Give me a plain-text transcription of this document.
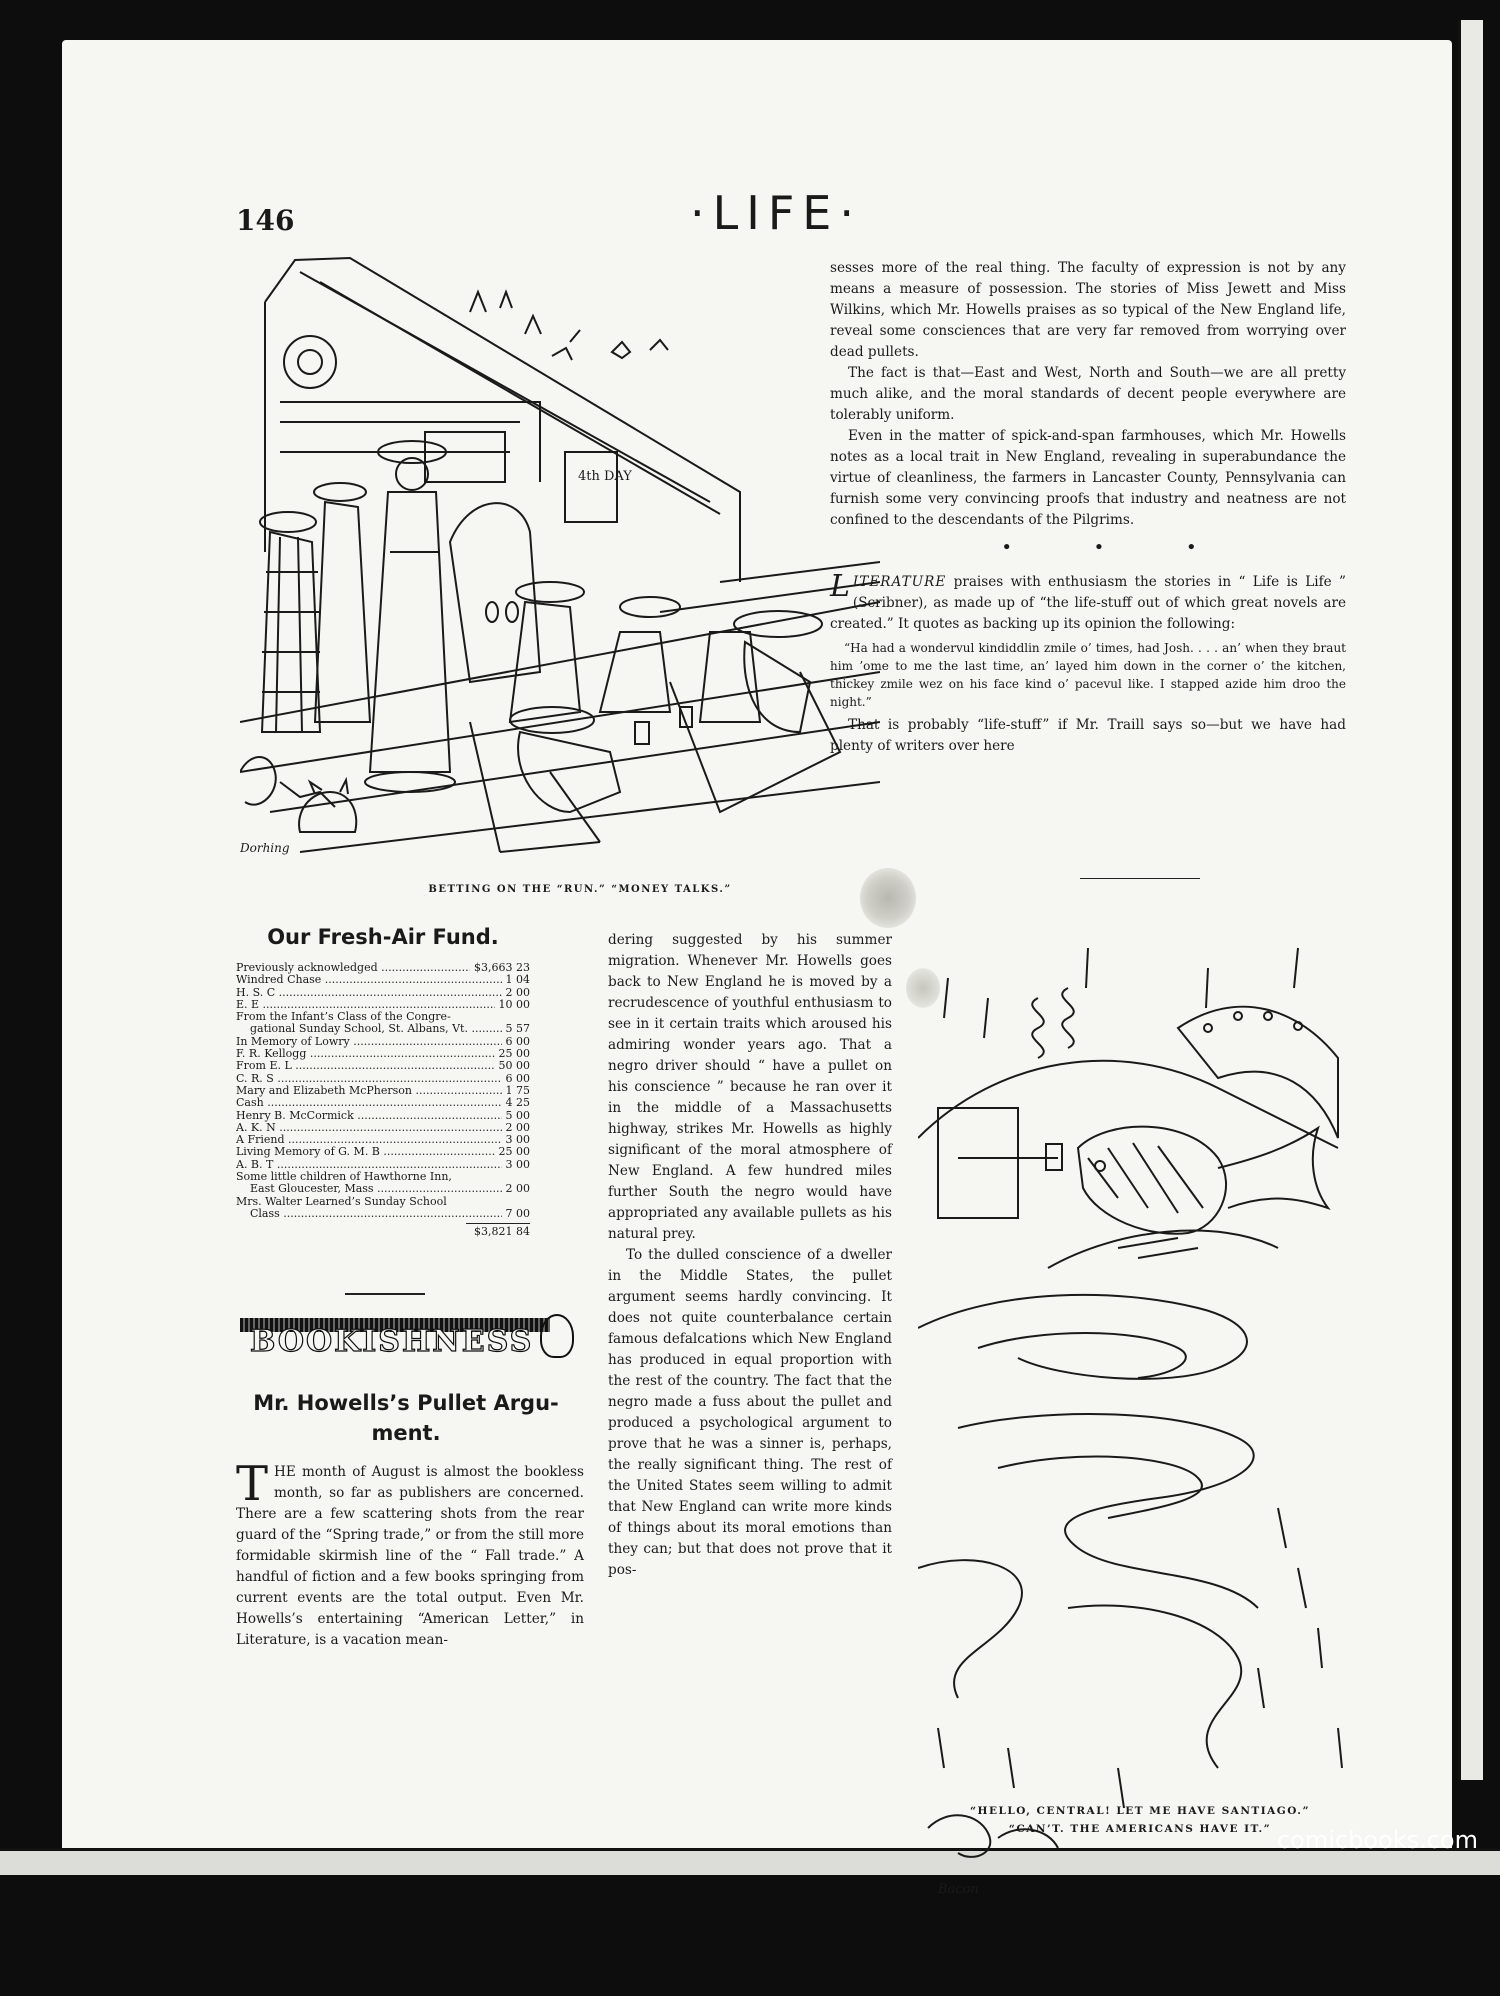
146	·LIFE·
4th DAY
Dorhing
BETTING ON THE “RUN.” “MONEY TALKS.”

sesses more of the real thing. The faculty of expression is not by any means a measure of possession. The stories of Miss Jewett and Miss Wilkins, which Mr. Howells praises as so typical of the New England life, reveal some consciences that are very far removed from worrying over dead pullets.

The fact is that—East and West, North and South—we are all pretty much alike, and the moral standards of decent people everywhere are tolerably uniform.

Even in the matter of spick-and-span farmhouses, which Mr. Howells notes as a local trait in New England, revealing in superabundance the virtue of cleanliness, the farmers in Lancaster County, Pennsylvania can furnish some very convincing proofs that industry and neatness are not confined to the descendants of the Pilgrims.

• • •

L ITERATURE praises with enthusiasm the stories in “ Life is Life ” (Scribner), as made up of “the life-stuff out of which great novels are created.” It quotes as backing up its opinion the following:

“Ha had a wondervul kindiddlin zmile o’ times, had Josh. . . . an’ when they braut him ’ome to me the last time, an’ layed him down in the corner o’ the kitchen, thickey zmile wez on his face kind o’ pacevul like. I stapped azide him droo the night.”

That is probably “life-stuff” if Mr. Traill says so—but we have had plenty of writers over here

Our Fresh-Air Fund.
Previously acknowledged .....	$3,663 23
Windred Chase .....	1 04
H. S. C .....	2 00
E. E .....	10 00
From the Infant’s Class of the Congre-
gational Sunday School, St. Albans, Vt. .....	5 57
In Memory of Lowry .....	6 00
F. R. Kellogg .....	25 00
From E. L .....	50 00
C. R. S .....	6 00
Mary and Elizabeth McPherson .....	1 75
Cash .....	4 25
Henry B. McCormick .....	5 00
A. K. N .....	2 00
A Friend .....	3 00
Living Memory of G. M. B .....	25 00
A. B. T .....	3 00
Some little children of Hawthorne Inn,
East Gloucester, Mass .....	2 00
Mrs. Walter Learned’s Sunday School
Class .....	7 00
$3,821 84
BOOKISHNESS
Mr. Howells’s Pullet Argu- ment.
THE month of August is almost the bookless month, so far as publishers are concerned. There are a few scattering shots from the rear guard of the “Spring trade,” or from the still more formidable skirmish line of the “ Fall trade.” A handful of fiction and a few books springing from current events are the total output. Even Mr. Howells’s entertaining “American Letter,” in Literature, is a vacation mean-

dering suggested by his summer migration. Whenever Mr. Howells goes back to New England he is moved by a recrudescence of youthful enthusiasm to see in it certain traits which aroused his admiring wonder years ago. That a negro driver should “ have a pullet on his conscience ” because he ran over it in the middle of a Massachusetts highway, strikes Mr. Howells as highly significant of the moral atmosphere of New England. A few hundred miles further South the negro would have appropriated any available pullets as his natural prey.

To the dulled conscience of a dweller in the Middle States, the pullet argument seems hardly convincing. It does not quite counterbalance certain famous defalcations which New England has produced in equal proportion with the rest of the country. The fact that the negro made a fuss about the pullet and produced a psychological argument to prove that he was a sinner is, perhaps, the really significant thing. The rest of the United States seem willing to admit that New England can write more kinds of things about its moral emotions than they can; but that does not prove that it pos-

Bacon
“HELLO, CENTRAL! LET ME HAVE SANTIAGO.”
“CAN’T. THE AMERICANS HAVE IT.” comicbooks.com
